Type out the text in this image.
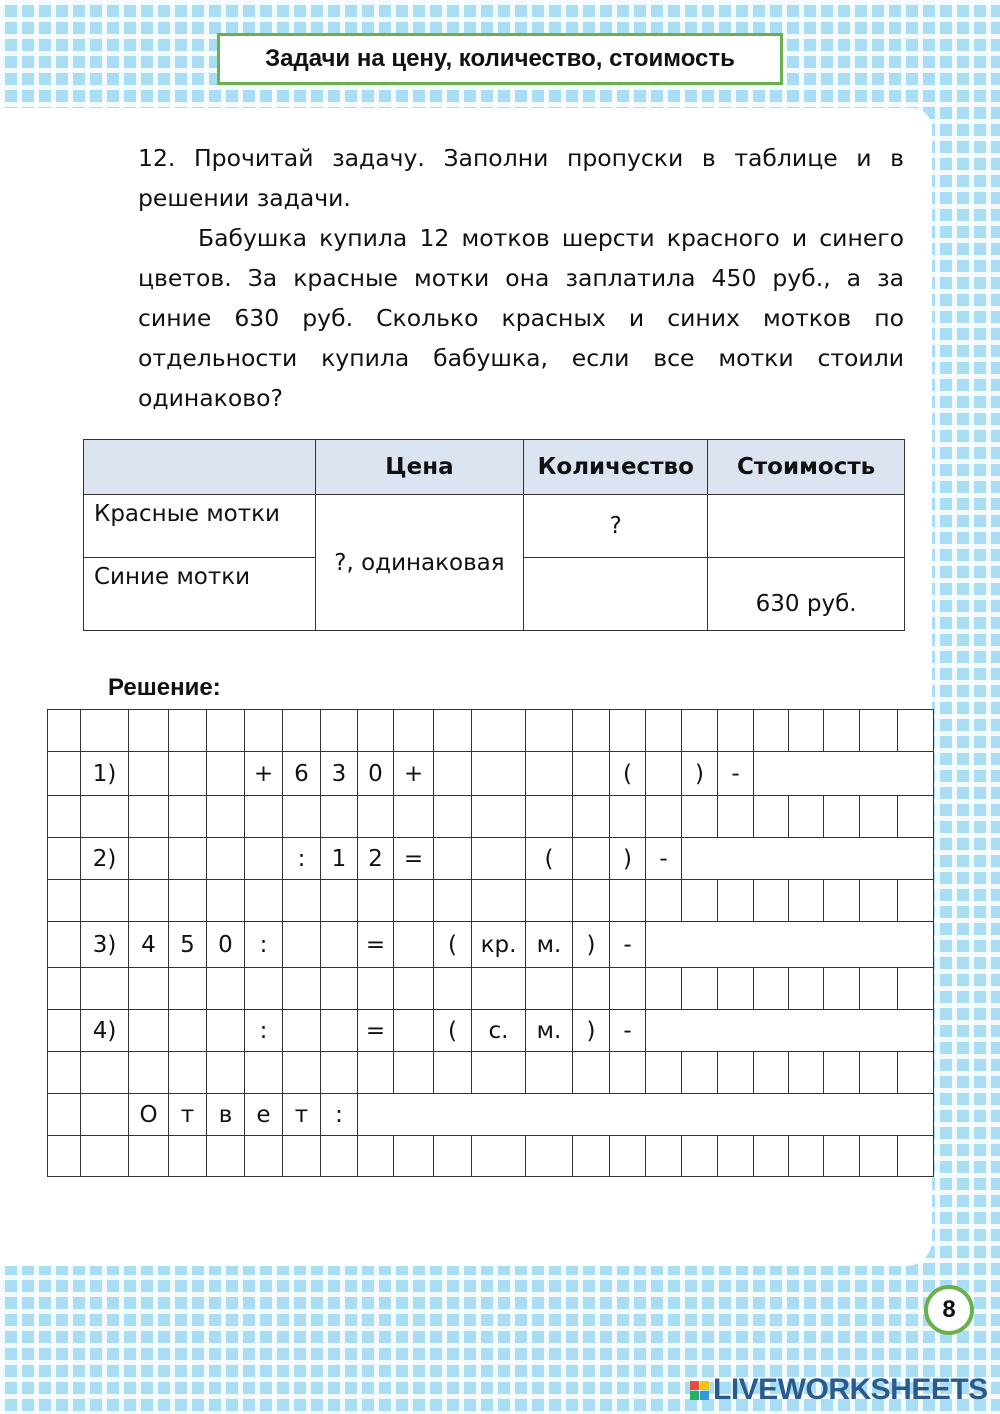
Задачи на цену, количество, стоимость

12. Прочитай задачу. Заполни пропуски в таблице и в решении задачи.

Бабушка купила 12 мотков шерсти красного и синего цветов. За красные мотки она заплатила 450 руб., а за синие 630 руб. Сколько красных и синих мотков по отдельности купила бабушка, если все мотки стоили одинаково?

	Цена	Количество	Стоимость
Красные мотки	?, одинаковая	?	
Синие мотки			630 руб.
Решение:
1)	+ 6 3 0 +	(	)	-
2)	:	1 2 =	(	)	-
3)	4	5	0	:	=	(	кр. м.	)	-
4)	:	=	(	с.	м.	)	-
О	т	в	е	т	:
8
LIVEWORKSHEETS
